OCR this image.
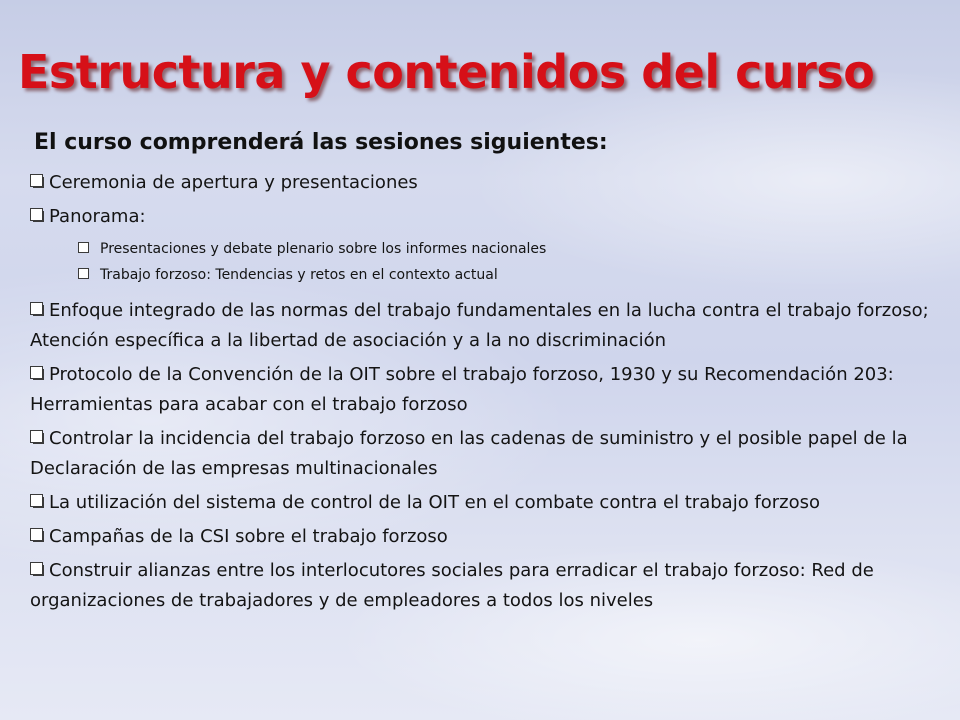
Estructura y contenidos del curso
El curso comprenderá las sesiones siguientes:
Ceremonia de apertura y presentaciones
Panorama:
Presentaciones y debate plenario sobre los informes nacionales
Trabajo forzoso: Tendencias y retos en el contexto actual
Enfoque integrado de las normas del trabajo fundamentales en la lucha contra el trabajo forzoso; Atención específica a la libertad de asociación y a la no discriminación
Protocolo de la Convención de la OIT sobre el trabajo forzoso, 1930 y su Recomendación 203: Herramientas para acabar con el trabajo forzoso
Controlar la incidencia del trabajo forzoso en las cadenas de suministro y el posible papel de la Declaración de las empresas multinacionales
La utilización del sistema de control de la OIT en el combate contra el trabajo forzoso
Campañas de la CSI sobre el trabajo forzoso
Construir alianzas entre los interlocutores sociales para erradicar el trabajo forzoso: Red de organizaciones de trabajadores y de empleadores a todos los niveles
